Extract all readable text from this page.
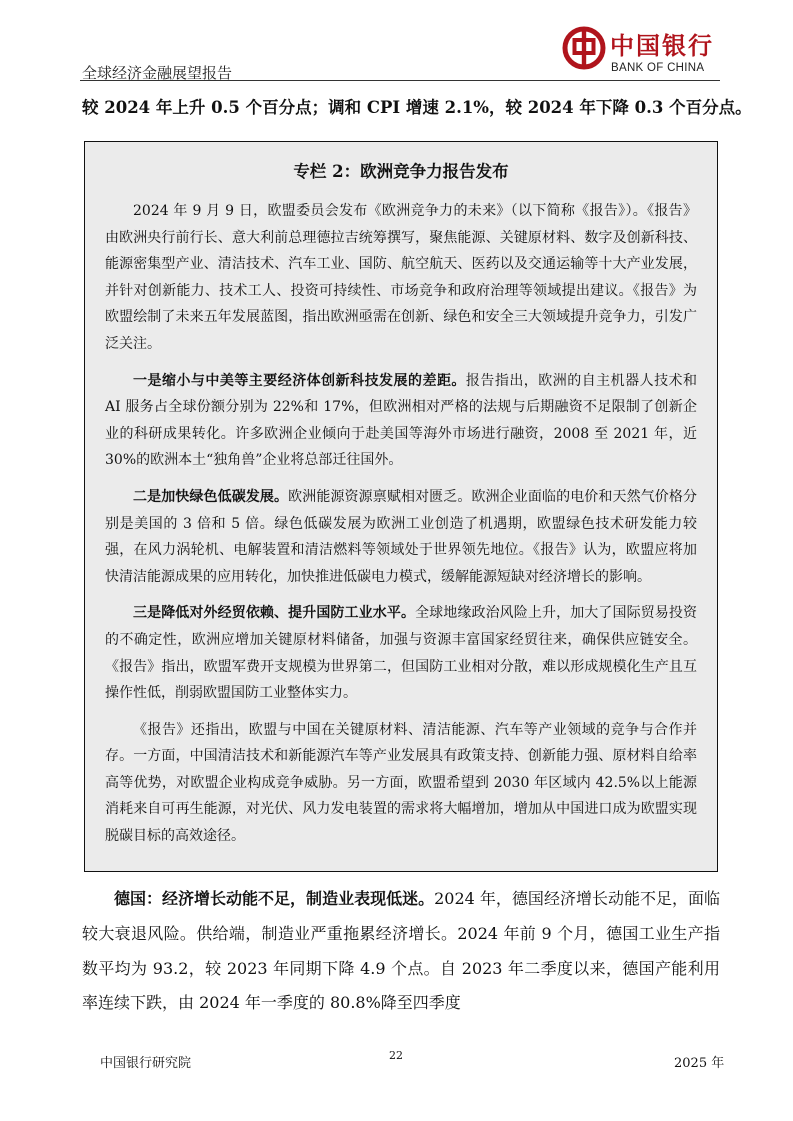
全球经济金融展望报告
中国银行
BANK OF CHINA
较 2024 年上升 0.5 个百分点；调和 CPI 增速 2.1%，较 2024 年下降 0.3 个百分点。
专栏 2：欧洲竞争力报告发布

2024 年 9 月 9 日，欧盟委员会发布《欧洲竞争力的未来》（以下简称《报告》）。《报告》由欧洲央行前行长、意大利前总理德拉吉统筹撰写，聚焦能源、关键原材料、数字及创新科技、能源密集型产业、清洁技术、汽车工业、国防、航空航天、医药以及交通运输等十大产业发展，并针对创新能力、技术工人、投资可持续性、市场竞争和政府治理等领域提出建议。《报告》为欧盟绘制了未来五年发展蓝图，指出欧洲亟需在创新、绿色和安全三大领域提升竞争力，引发广泛关注。

一是缩小与中美等主要经济体创新科技发展的差距。报告指出，欧洲的自主机器人技术和 AI 服务占全球份额分别为 22%和 17%，但欧洲相对严格的法规与后期融资不足限制了创新企业的科研成果转化。许多欧洲企业倾向于赴美国等海外市场进行融资，2008 至 2021 年，近 30%的欧洲本土“独角兽”企业将总部迁往国外。

二是加快绿色低碳发展。欧洲能源资源禀赋相对匮乏。欧洲企业面临的电价和天然气价格分别是美国的 3 倍和 5 倍。绿色低碳发展为欧洲工业创造了机遇期，欧盟绿色技术研发能力较强，在风力涡轮机、电解装置和清洁燃料等领域处于世界领先地位。《报告》认为，欧盟应将加快清洁能源成果的应用转化，加快推进低碳电力模式，缓解能源短缺对经济增长的影响。

三是降低对外经贸依赖、提升国防工业水平。全球地缘政治风险上升，加大了国际贸易投资的不确定性，欧洲应增加关键原材料储备，加强与资源丰富国家经贸往来，确保供应链安全。《报告》指出，欧盟军费开支规模为世界第二，但国防工业相对分散，难以形成规模化生产且互操作性低，削弱欧盟国防工业整体实力。

《报告》还指出，欧盟与中国在关键原材料、清洁能源、汽车等产业领域的竞争与合作并存。一方面，中国清洁技术和新能源汽车等产业发展具有政策支持、创新能力强、原材料自给率高等优势，对欧盟企业构成竞争威胁。另一方面，欧盟希望到 2030 年区域内 42.5%以上能源消耗来自可再生能源，对光伏、风力发电装置的需求将大幅增加，增加从中国进口成为欧盟实现脱碳目标的高效途径。

德国：经济增长动能不足，制造业表现低迷。2024 年，德国经济增长动能不足，面临较大衰退风险。供给端，制造业严重拖累经济增长。2024 年前 9 个月，德国工业生产指数平均为 93.2，较 2023 年同期下降 4.9 个点。自 2023 年二季度以来，德国产能利用率连续下跌，由 2024 年一季度的 80.8%降至四季度

中国银行研究院
22
2025 年
